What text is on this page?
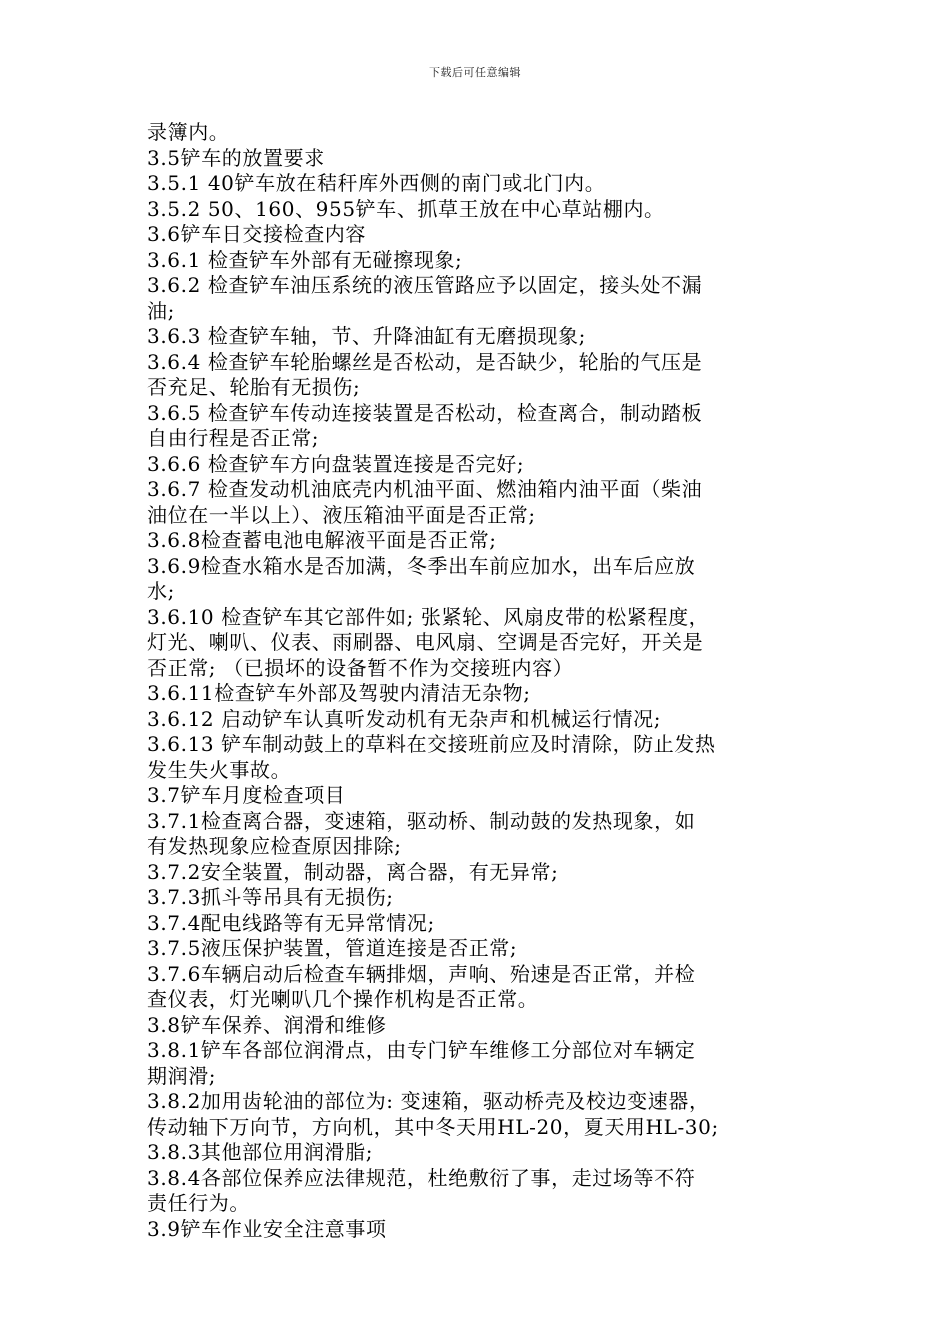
下载后可任意编辑
录簿内。
3.5铲车的放置要求
3.5.1 40铲车放在秸秆库外西侧的南门或北门内。
3.5.2 50、160、955铲车、抓草王放在中心草站棚内。
3.6铲车日交接检查内容
3.6.1 检查铲车外部有无碰擦现象;
3.6.2 检查铲车油压系统的液压管路应予以固定，接头处不漏
油;
3.6.3 检查铲车轴，节、升降油缸有无磨损现象;
3.6.4 检查铲车轮胎螺丝是否松动，是否缺少，轮胎的气压是
否充足、轮胎有无损伤;
3.6.5 检查铲车传动连接装置是否松动，检查离合，制动踏板
自由行程是否正常;
3.6.6 检查铲车方向盘装置连接是否完好;
3.6.7 检查发动机油底壳内机油平面、燃油箱内油平面（柴油
油位在一半以上）、液压箱油平面是否正常;
3.6.8检查蓄电池电解液平面是否正常;
3.6.9检查水箱水是否加满，冬季出车前应加水，出车后应放
水;
3.6.10 检查铲车其它部件如; 张紧轮、风扇皮带的松紧程度，
灯光、喇叭、仪表、雨刷器、电风扇、空调是否完好，开关是
否正常; （已损坏的设备暂不作为交接班内容）
3.6.11检查铲车外部及驾驶内清洁无杂物;
3.6.12 启动铲车认真听发动机有无杂声和机械运行情况;
3.6.13 铲车制动鼓上的草料在交接班前应及时清除，防止发热
发生失火事故。
3.7铲车月度检查项目
3.7.1检查离合器，变速箱，驱动桥、制动鼓的发热现象，如
有发热现象应检查原因排除;
3.7.2安全装置，制动器，离合器，有无异常;
3.7.3抓斗等吊具有无损伤;
3.7.4配电线路等有无异常情况;
3.7.5液压保护装置，管道连接是否正常;
3.7.6车辆启动后检查车辆排烟，声响、殆速是否正常，并检
查仪表，灯光喇叭几个操作机构是否正常。
3.8铲车保养、润滑和维修
3.8.1铲车各部位润滑点，由专门铲车维修工分部位对车辆定
期润滑;
3.8.2加用齿轮油的部位为: 变速箱，驱动桥壳及校边变速器，
传动轴下万向节，方向机，其中冬天用HL-20，夏天用HL-30;
3.8.3其他部位用润滑脂;
3.8.4各部位保养应法律规范，杜绝敷衍了事，走过场等不符
责任行为。
3.9铲车作业安全注意事项
